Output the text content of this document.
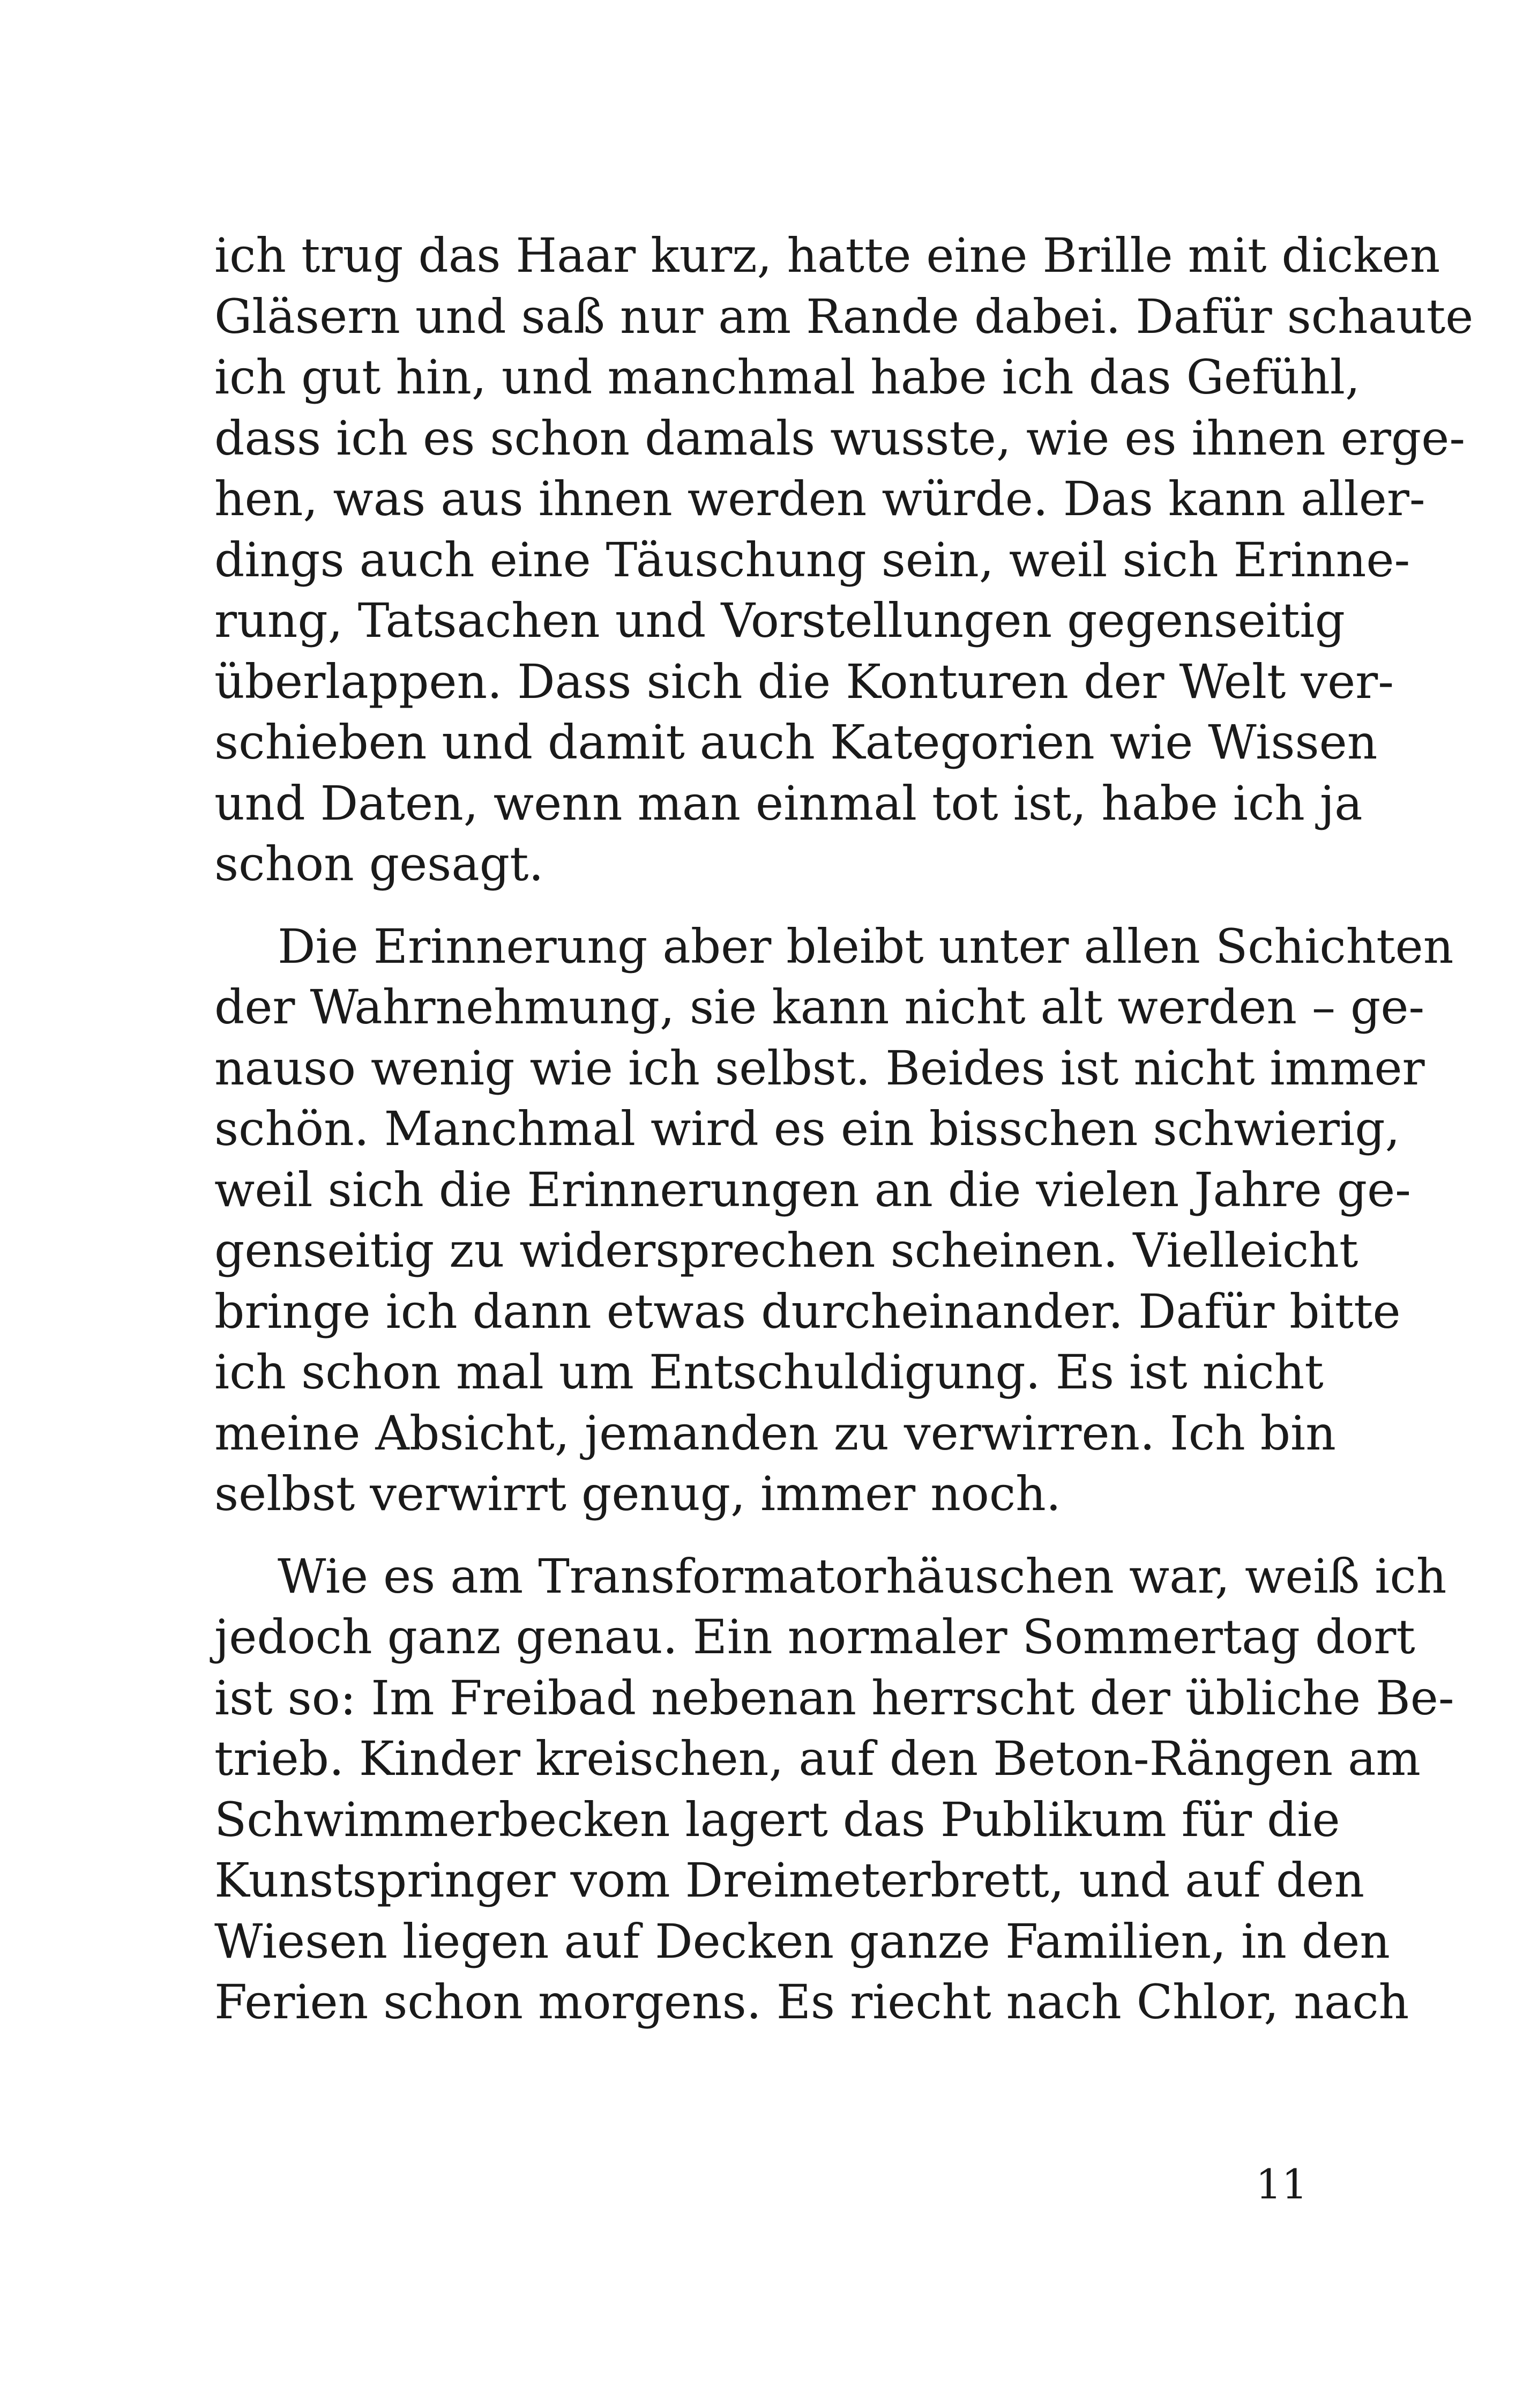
ich trug das Haar kurz, hatte eine Brille mit dicken
Gläsern und saß nur am Rande dabei. Dafür schaute
ich gut hin, und manchmal habe ich das Gefühl,
dass ich es schon damals wusste, wie es ihnen erge-
hen, was aus ihnen werden würde. Das kann aller-
dings auch eine Täuschung sein, weil sich Erinne-
rung, Tatsachen und Vorstellungen gegenseitig
überlappen. Dass sich die Konturen der Welt ver-
schieben und damit auch Kategorien wie Wissen
und Daten, wenn man einmal tot ist, habe ich ja
schon gesagt.
Die Erinnerung aber bleibt unter allen Schichten
der Wahrnehmung, sie kann nicht alt werden – ge-
nauso wenig wie ich selbst. Beides ist nicht immer
schön. Manchmal wird es ein bisschen schwierig,
weil sich die Erinnerungen an die vielen Jahre ge-
genseitig zu widersprechen scheinen. Vielleicht
bringe ich dann etwas durcheinander. Dafür bitte
ich schon mal um Entschuldigung. Es ist nicht
meine Absicht, jemanden zu verwirren. Ich bin
selbst verwirrt genug, immer noch.
Wie es am Transformatorhäuschen war, weiß ich
jedoch ganz genau. Ein normaler Sommertag dort
ist so: Im Freibad nebenan herrscht der übliche Be-
trieb. Kinder kreischen, auf den Beton-Rängen am
Schwimmerbecken lagert das Publikum für die
Kunstspringer vom Dreimeterbrett, und auf den
Wiesen liegen auf Decken ganze Familien, in den
Ferien schon morgens. Es riecht nach Chlor, nach
11
